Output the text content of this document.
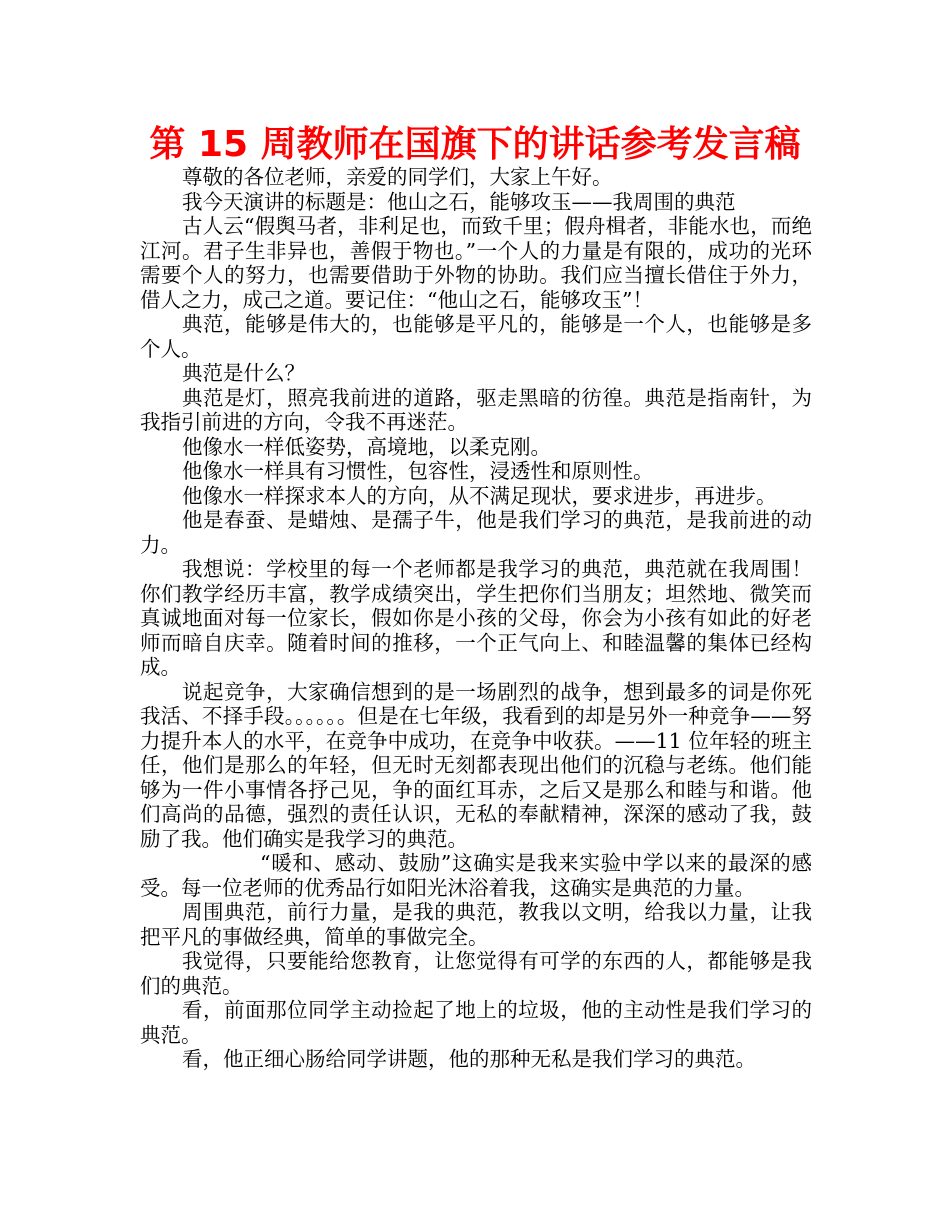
第 15 周教师在国旗下的讲话参考发言稿

尊敬的各位老师，亲爱的同学们，大家上午好。

我今天演讲的标题是：他山之石，能够攻玉——我周围的典范

古人云“假舆马者，非利足也，而致千里；假舟楫者，非能水也，而绝江河。君子生非异也，善假于物也。”一个人的力量是有限的，成功的光环需要个人的努力，也需要借助于外物的协助。我们应当擅长借住于外力，借人之力，成己之道。要记住：“他山之石，能够攻玉”！

典范，能够是伟大的，也能够是平凡的，能够是一个人，也能够是多个人。

典范是什么？

典范是灯，照亮我前进的道路，驱走黑暗的彷徨。典范是指南针，为我指引前进的方向，令我不再迷茫。

他像水一样低姿势，高境地，以柔克刚。

他像水一样具有习惯性，包容性，浸透性和原则性。

他像水一样探求本人的方向，从不满足现状，要求进步，再进步。

他是春蚕、是蜡烛、是孺子牛，他是我们学习的典范，是我前进的动力。

我想说：学校里的每一个老师都是我学习的典范，典范就在我周围！你们教学经历丰富，教学成绩突出，学生把你们当朋友；坦然地、微笑而真诚地面对每一位家长，假如你是小孩的父母，你会为小孩有如此的好老师而暗自庆幸。随着时间的推移，一个正气向上、和睦温馨的集体已经构成。

说起竞争，大家确信想到的是一场剧烈的战争，想到最多的词是你死我活、不择手段。。。。。。但是在七年级，我看到的却是另外一种竞争——努力提升本人的水平，在竞争中成功，在竞争中收获。——11 位年轻的班主任，他们是那么的年轻，但无时无刻都表现出他们的沉稳与老练。他们能够为一件小事情各抒己见，争的面红耳赤，之后又是那么和睦与和谐。他们高尚的品德，强烈的责任认识，无私的奉献精神，深深的感动了我，鼓励了我。他们确实是我学习的典范。

“暖和、感动、鼓励”这确实是我来实验中学以来的最深的感受。每一位老师的优秀品行如阳光沐浴着我，这确实是典范的力量。

周围典范，前行力量，是我的典范，教我以文明，给我以力量，让我把平凡的事做经典，简单的事做完全。

我觉得，只要能给您教育，让您觉得有可学的东西的人，都能够是我们的典范。

看，前面那位同学主动捡起了地上的垃圾，他的主动性是我们学习的典范。

看，他正细心肠给同学讲题，他的那种无私是我们学习的典范。
